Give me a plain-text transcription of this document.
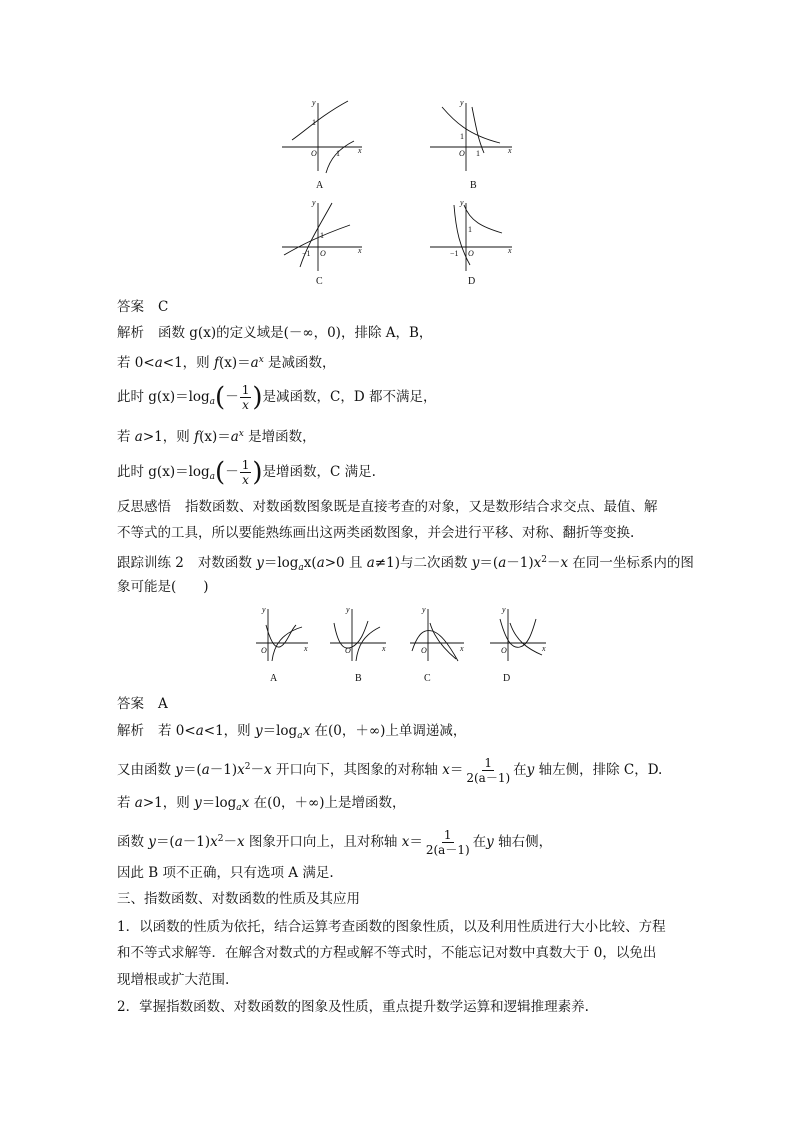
y
x
1
O 1
A
y
x
1
O 1
B
y
x
1
−1 O
C
y
x
1
−1 O
D
答案 C
解析 函数 g(x)的定义域是(－∞，0)，排除 A，B，
若 0<a<1，则 $f(x)=a^x$ 是减函数，
此时 $g(x)=\log_a(- \frac{1}{x}$ )是减函数，C，D 都不满足，
若 a>1，则 $f(x)=a^x$ 是增函数，
此时 $g(x)=\log_a(- \frac{1}{x}$ )是增函数，C 满足.
反思感悟 指数函数、对数函数图象既是直接考查的对象，又是数形结合求交点、最值、解
不等式的工具，所以要能熟练画出这两类函数图象，并会进行平移、对称、翻折等变换.
跟踪训练 2 对数函数 $y=\log_ax(a>0$ 且 a≠1)与二次函数 $y=(a-1)x^2-x$ 在同一坐标系内的图
象可能是(　　)
y
x
O
A
y
x
O
B
y
x
O
C
y
x
O
D
答案 A
解析 若 0<a<1，则 $y=\log_ax$ 在(0，＋∞)上单调递减，
又由函数 $y=(a-1)x^2-x$ 开口向下，其图象的对称轴 $x= \frac{1}{2(a-1)}$ 在y 轴左侧，排除 C，D.
若 a>1，则 $y=\log_ax$ 在(0，＋∞)上是增函数，
函数 $y=(a-1)x^2-x$ 图象开口向上，且对称轴 $x= \frac{1}{2(a-1)}$ 在y 轴右侧，
因此 B 项不正确，只有选项 A 满足.
三、指数函数、对数函数的性质及其应用
1．以函数的性质为依托，结合运算考查函数的图象性质，以及利用性质进行大小比较、方程
和不等式求解等．在解含对数式的方程或解不等式时，不能忘记对数中真数大于 0，以免出
现增根或扩大范围.
2．掌握指数函数、对数函数的图象及性质，重点提升数学运算和逻辑推理素养.
